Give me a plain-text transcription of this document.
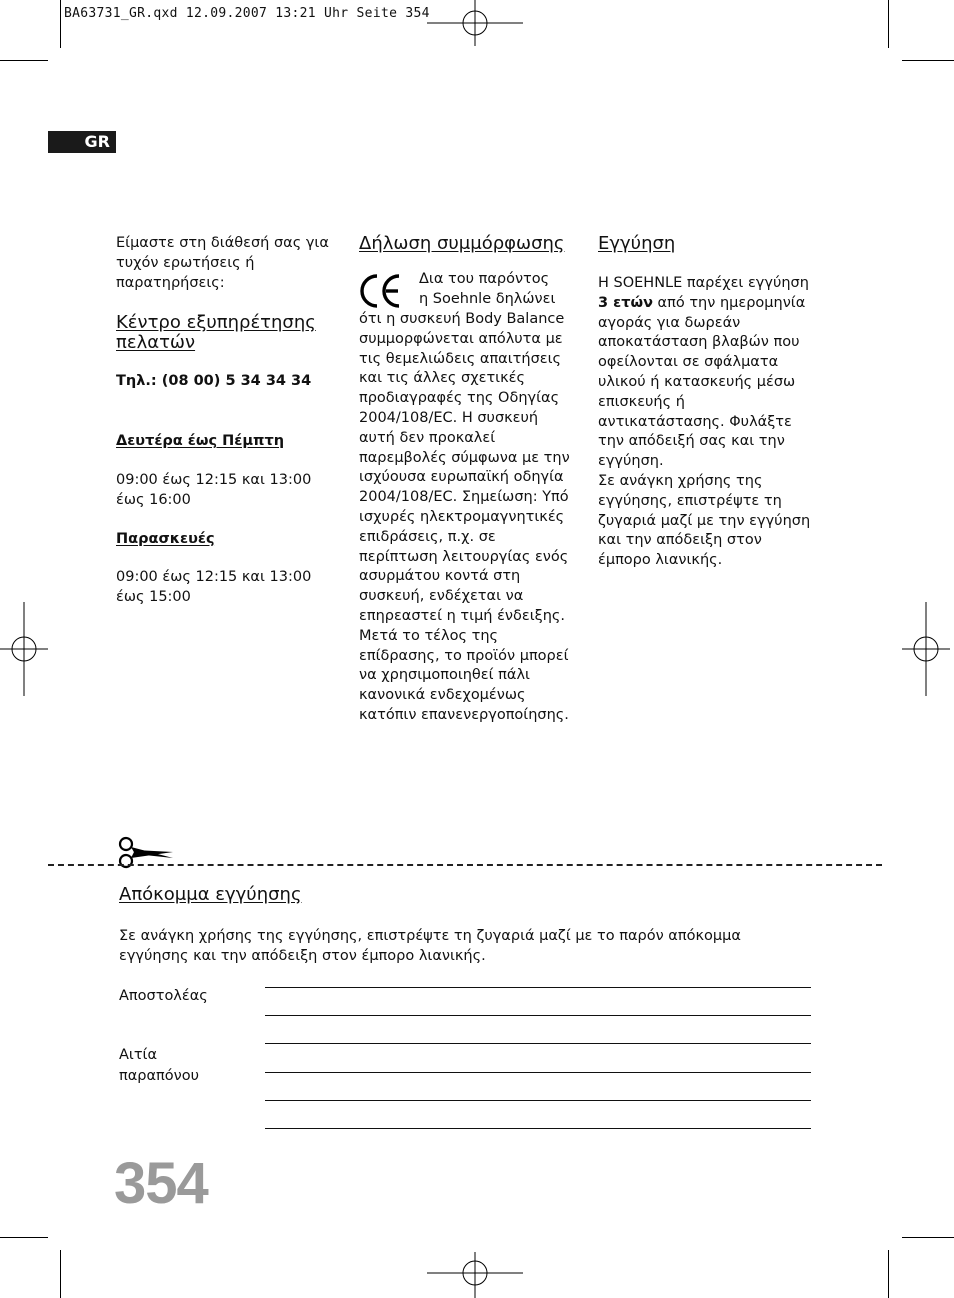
BA63731_GR.qxd 12.09.2007 13:21 Uhr Seite 354
GR

Είμαστε στη διάθεσή σας για τυχόν ερωτήσεις ή παρατηρήσεις:

Κέντρο εξυπηρέτησης πελατών

Τηλ.: (08 00) 5 34 34 34

Δευτέρα έως Πέμπτη

09:00 έως 12:15 και 13:00 έως 16:00

Παρασκευές

09:00 έως 12:15 και 13:00 έως 15:00

Δήλωση συμμόρφωσης

Δια του παρόντος

η Soehnle δηλώνει

ότι η συσκευή Body Balance συμμορφώνεται απόλυτα με τις θεμελιώδεις απαιτήσεις και τις άλλες σχετικές προδιαγραφές της Οδηγίας 2004/108/EC. Η συσκευή αυτή δεν προκαλεί παρεμβολές σύμφωνα με την ισχύουσα ευρωπαϊκή οδηγία 2004/108/EC. Σημείωση: Υπό ισχυρές ηλεκτρομαγνητικές επιδράσεις, π.χ. σε περίπτωση λειτουργίας ενός ασυρμάτου κοντά στη συσκευή, ενδέχεται να επηρεαστεί η τιμή ένδειξης. Μετά το τέλος της επίδρασης, το προϊόν μπορεί να χρησιμοποιηθεί πάλι κανονικά ενδεχομένως κατόπιν επανενεργοποίησης.

Εγγύηση

Η SOEHNLE παρέχει εγγύηση 3 ετών από την ημερομηνία αγοράς για δωρεάν αποκατάσταση βλαβών που οφείλονται σε σφάλματα υλικού ή κατασκευής μέσω επισκευής ή αντικατάστασης. Φυλάξτε την απόδειξή σας και την εγγύηση.

Σε ανάγκη χρήσης της εγγύησης, επιστρέψτε τη ζυγαριά μαζί με την εγγύηση και την απόδειξη στον έμπορο λιανικής.

Απόκομμα εγγύησης
Σε ανάγκη χρήσης της εγγύησης, επιστρέψτε τη ζυγαριά μαζί με το παρόν απόκομμα εγγύησης και την απόδειξη στον έμπορο λιανικής.
Αποστολέας
Αιτία παραπόνου
354
